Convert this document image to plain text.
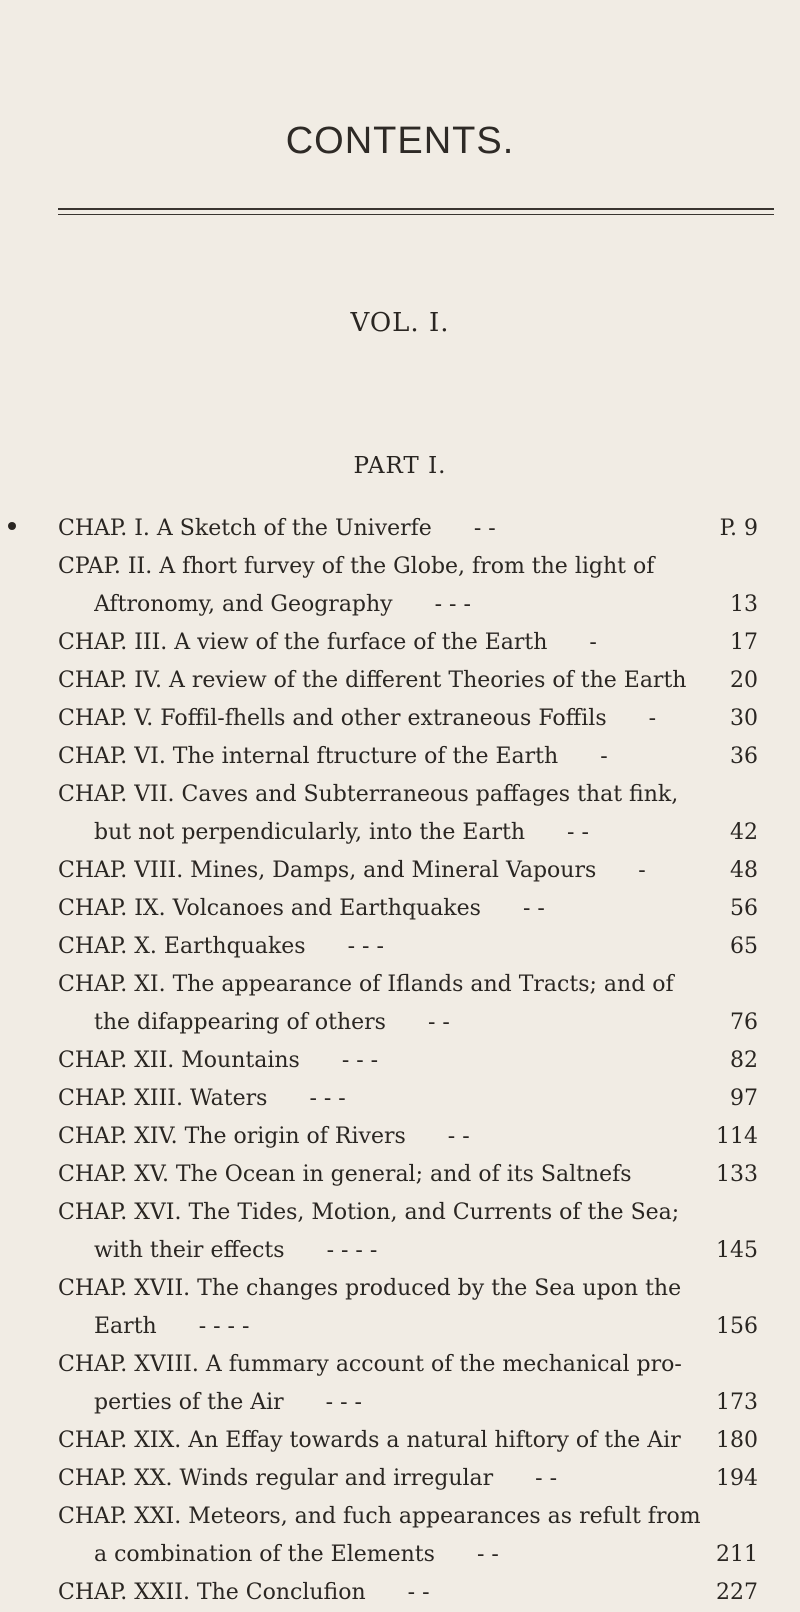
CONTENTS.
VOL. I.
PART I.
CHAP. I. A Sketch of the Univerfe - -	P. 9
CPAP. II. A fhort furvey of the Globe, from the light of
Aftronomy, and Geography - - -	13
CHAP. III. A view of the furface of the Earth -	17
CHAP. IV. A review of the different Theories of the Earth	20
CHAP. V. Foffil-fhells and other extraneous Foffils -	30
CHAP. VI. The internal ftructure of the Earth -	36
CHAP. VII. Caves and Subterraneous paffages that fink,
but not perpendicularly, into the Earth - -	42
CHAP. VIII. Mines, Damps, and Mineral Vapours -	48
CHAP. IX. Volcanoes and Earthquakes - -	56
CHAP. X. Earthquakes - - -	65
CHAP. XI. The appearance of Iflands and Tracts; and of
the difappearing of others - -	76
CHAP. XII. Mountains - - -	82
CHAP. XIII. Waters - - -	97
CHAP. XIV. The origin of Rivers - -	114
CHAP. XV. The Ocean in general; and of its Saltnefs	133
CHAP. XVI. The Tides, Motion, and Currents of the Sea;
with their effects - - - -	145
CHAP. XVII. The changes produced by the Sea upon the
Earth - - - -	156
CHAP. XVIII. A fummary account of the mechanical pro-
perties of the Air - - -	173
CHAP. XIX. An Effay towards a natural hiftory of the Air	180
CHAP. XX. Winds regular and irregular - -	194
CHAP. XXI. Meteors, and fuch appearances as refult from
a combination of the Elements - -	211
CHAP. XXII. The Conclufion - -	227
